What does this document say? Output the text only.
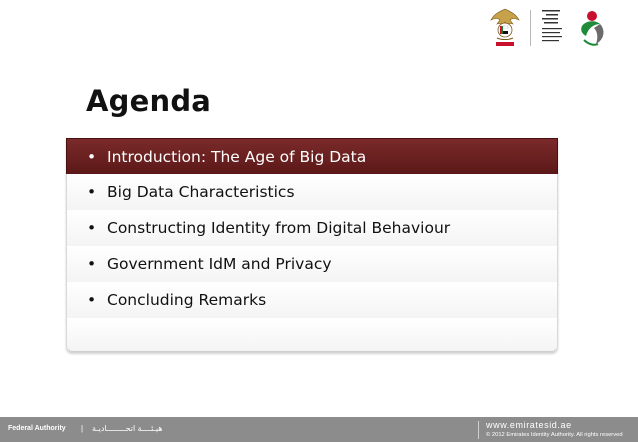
Agenda
• Introduction: The Age of Big Data
• Big Data Characteristics
• Constructing Identity from Digital Behaviour
• Government IdM and Privacy
• Concluding Remarks
Federal Authority | هيـئــــة اتحــــــــاديـة	www.emiratesid.ae
© 2012 Emirates Identity Authority. All rights reserved
